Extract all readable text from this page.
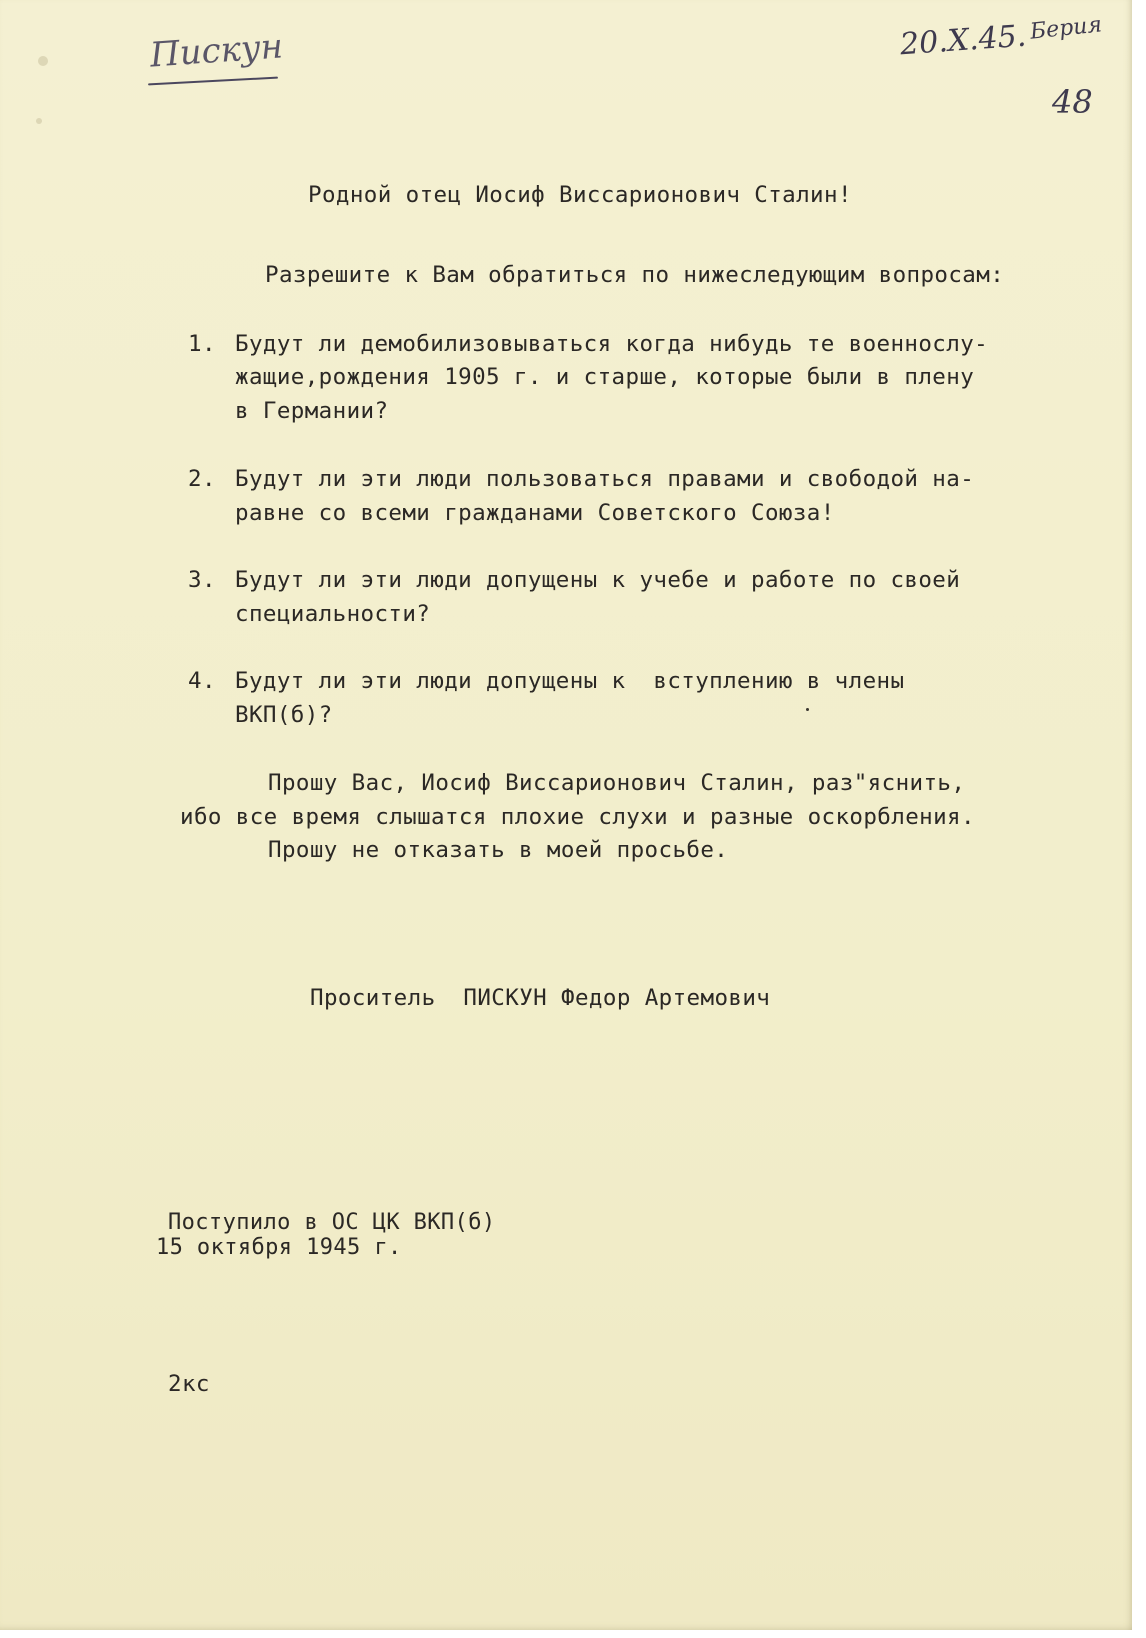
Пискун	20.X.45. Берия
48
Родной отец Иосиф Виссарионович Сталин!
Разрешите к Вам обратиться по нижеследующим вопросам:
1. Будут ли демобилизовываться когда нибудь те военнослу-
жащие,рождения 1905 г. и старше, которые были в плену
в Германии?
2. Будут ли эти люди пользоваться правами и свободой на-
равне со всеми гражданами Советского Союза!
3. Будут ли эти люди допущены к учебе и работе по своей
специальности?
4. Будут ли эти люди допущены к  вступлению в члены
ВКП(б)?
Прошу Вас, Иосиф Виссарионович Сталин, раз"яснить,
ибо все время слышатся плохие слухи и разные оскорбления.
Прошу не отказать в моей просьбе.
Проситель  ПИСКУН Федор Артемович
Поступило в ОС ЦК ВКП(б)
15 октября 1945 г.
2кс
